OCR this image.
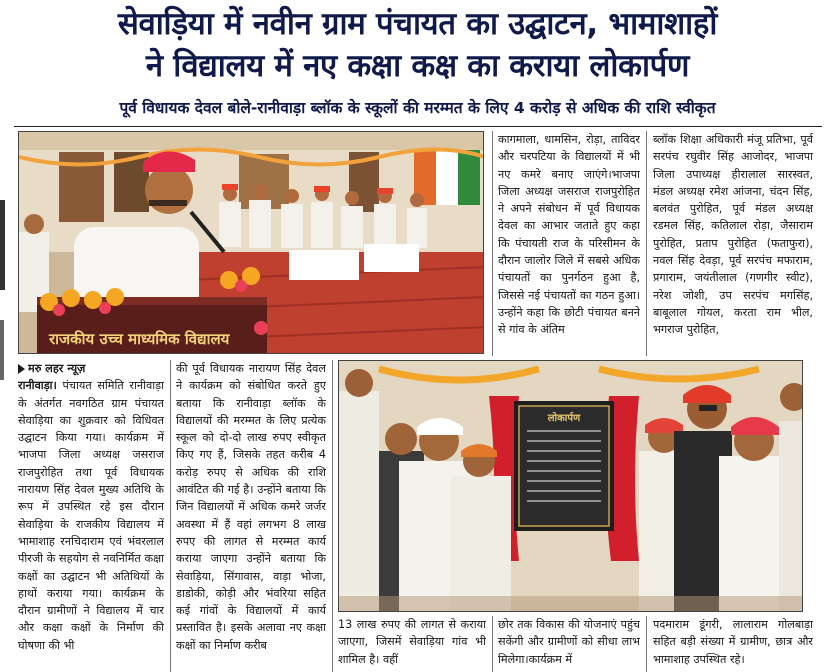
सेवाड़िया में नवीन ग्राम पंचायत का उद्घाटन, भामाशाहों
ने विद्यालय में नए कक्षा कक्ष का कराया लोकार्पण
पूर्व विधायक देवल बोले-रानीवाड़ा ब्लॉक के स्कूलों की मरम्मत के लिए 4 करोड़ से अधिक की राशि स्वीकृत
राजकीय उच्च माध्यमिक विद्यालय
लोकार्पण

कागमाला, धामसिन, रोड़ा, ताविदर और चरपटिया के विद्यालयों में भी नए कमरे बनाए जाएंगे।भाजपा जिला अध्यक्ष जसराज राजपुरोहित ने अपने संबोधन में पूर्व विधायक देवल का आभार जताते हुए कहा कि पंचायती राज के परिसीमन के दौरान जालोर जिले में सबसे अधिक पंचायतों का पुनर्गठन हुआ है, जिससे नई पंचायतों का गठन हुआ। उन्होंने कहा कि छोटी पंचायत बनने से गांव के अंतिम

ब्लॉक शिक्षा अधिकारी मंजू प्रतिभा, पूर्व सरपंच रघुवीर सिंह आजोदर, भाजपा जिला उपाध्यक्ष हीरालाल सारस्वत, मंडल अध्यक्ष रमेश आंजना, चंदन सिंह, बलवंत पुरोहित, पूर्व मंडल अध्यक्ष रडमल सिंह, कतिलाल रोड़ा, जैसाराम पुरोहित, प्रताप पुरोहित (फताफुरा), नवल सिंह देवड़ा, पूर्व सरपंच मफाराम, प्रगाराम, जयंतीलाल (गणगीर स्वीट), नरेश जोशी, उप सरपंच मगसिंह, बाबूलाल गोयल, करता राम भील, भगराज पुरोहित,

मरु लहर न्यूज़
रानीवाड़ा। पंचायत समिति रानीवाड़ा के अंतर्गत नवगठित ग्राम पंचायत सेवाड़िया का शुक्रवार को विधिवत उद्घाटन किया गया। कार्यक्रम में भाजपा जिला अध्यक्ष जसराज राजपुरोहित तथा पूर्व विधायक नारायण सिंह देवल मुख्य अतिथि के रूप में उपस्थित रहे इस दौरान सेवाड़िया के राजकीय विद्यालय में भामाशाह रनचिदाराम एवं भंवरलाल पीरजी के सहयोग से नवनिर्मित कक्षा कक्षों का उद्घाटन भी अतिथियों के हाथों कराया गया। कार्यक्रम के दौरान ग्रामीणों ने विद्यालय में चार और कक्षा कक्षों के निर्माण की घोषणा की भी

की पूर्व विधायक नारायण सिंह देवल ने कार्यक्रम को संबोधित करते हुए बताया कि रानीवाड़ा ब्लॉक के विद्यालयों की मरम्मत के लिए प्रत्येक स्कूल को दो-दो लाख रुपए स्वीकृत किए गए हैं, जिसके तहत करीब 4 करोड़ रुपए से अधिक की राशि आवंटित की गई है। उन्होंने बताया कि जिन विद्यालयों में अधिक कमरे जर्जर अवस्था में हैं वहां लगभग 8 लाख रुपए की लागत से मरम्मत कार्य कराया जाएगा उन्होंने बताया कि सेवाड़िया, सिंगावास, वाड़ा भोजा, डाडोकी, कोड़ी और भंवरिया सहित कई गांवों के विद्यालयों में कार्य प्रस्तावित है। इसके अलावा नए कक्षा कक्षों का निर्माण करीब

13 लाख रुपए की लागत से कराया जाएगा, जिसमें सेवाड़िया गांव भी शामिल है। वहीं

छोर तक विकास की योजनाएं पहुंच सकेंगी और ग्रामीणों को सीधा लाभ मिलेगा।कार्यक्रम में

पदमाराम डूंगरी, लालाराम गोलबाड़ा सहित बड़ी संख्या में ग्रामीण, छात्र और भामाशाह उपस्थित रहे।
